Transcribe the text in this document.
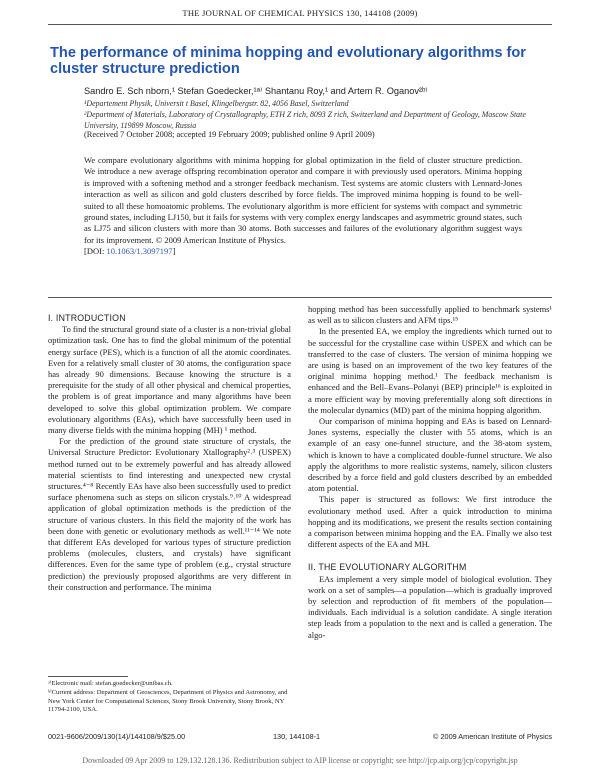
THE JOURNAL OF CHEMICAL PHYSICS 130, 144108 (2009)
The performance of minima hopping and evolutionary algorithms for cluster structure prediction
Sandro E. Sch nborn,¹ Stefan Goedecker,¹ᵃ⁾ Shantanu Roy,¹ and Artem R. Oganov²ᵇ⁾
¹Departement Physik, Universit t Basel, Klingelbergstr. 82, 4056 Basel, Switzerland
²Department of Materials, Laboratory of Crystallography, ETH Z rich, 8093 Z rich, Switzerland and Department of Geology, Moscow State University, 119899 Moscow, Russia
(Received 7 October 2008; accepted 19 February 2009; published online 9 April 2009)
We compare evolutionary algorithms with minima hopping for global optimization in the field of cluster structure prediction. We introduce a new average offspring recombination operator and compare it with previously used operators. Minima hopping is improved with a softening method and a stronger feedback mechanism. Test systems are atomic clusters with Lennard-Jones interaction as well as silicon and gold clusters described by force fields. The improved minima hopping is found to be well-suited to all these homoatomic problems. The evolutionary algorithm is more efficient for systems with compact and symmetric ground states, including LJ150, but it fails for systems with very complex energy landscapes and asymmetric ground states, such as LJ75 and silicon clusters with more than 30 atoms. Both successes and failures of the evolutionary algorithm suggest ways for its improvement. © 2009 American Institute of Physics.
[DOI: 10.1063/1.3097197]

I. INTRODUCTION

To find the structural ground state of a cluster is a non-trivial global optimization task. One has to find the global minimum of the potential energy surface (PES), which is a function of all the atomic coordinates. Even for a relatively small cluster of 30 atoms, the configuration space has already 90 dimensions. Because knowing the structure is a prerequisite for the study of all other physical and chemical properties, the problem is of great importance and many algorithms have been developed to solve this global optimization problem. We compare evolutionary algorithms (EAs), which have successfully been used in many diverse fields with the minima hopping (MH) ¹ method.

For the prediction of the ground state structure of crystals, the Universal Structure Predictor: Evolutionary Xtallography²˒³ (USPEX) method turned out to be extremely powerful and has already allowed material scientists to find interesting and unexpected new crystal structures.⁴⁻⁸ Recently EAs have also been successfully used to predict surface phenomena such as steps on silicon crystals.⁹˒¹⁰ A widespread application of global optimization methods is the prediction of the structure of various clusters. In this field the majority of the work has been done with genetic or evolutionary methods as well.¹¹⁻¹⁴ We note that different EAs developed for various types of structure prediction problems (molecules, clusters, and crystals) have significant differences. Even for the same type of problem (e.g., crystal structure prediction) the previously proposed algorithms are very different in their construction and performance. The minima

hopping method has been successfully applied to benchmark systems¹ as well as to silicon clusters and AFM tips.¹⁵

In the presented EA, we employ the ingredients which turned out to be successful for the crystalline case within USPEX and which can be transferred to the case of clusters. The version of minima hopping we are using is based on an improvement of the two key features of the original minima hopping method.¹ The feedback mechanism is enhanced and the Bell–Evans–Polanyi (BEP) principle¹⁶ is exploited in a more efficient way by moving preferentially along soft directions in the molecular dynamics (MD) part of the minima hopping algorithm.

Our comparison of minima hopping and EAs is based on Lennard-Jones systems, especially the cluster with 55 atoms, which is an example of an easy one-funnel structure, and the 38-atom system, which is known to have a complicated double-funnel structure. We also apply the algorithms to more realistic systems, namely, silicon clusters described by a force field and gold clusters described by an embedded atom potential.

This paper is structured as follows: We first introduce the evolutionary method used. After a quick introduction to minima hopping and its modifications, we present the results section containing a comparison between minima hopping and the EA. Finally we also test different aspects of the EA and MH.

II. THE EVOLUTIONARY ALGORITHM

EAs implement a very simple model of biological evolution. They work on a set of samples—a population—which is gradually improved by selection and reproduction of fit members of the population—individuals. Each individual is a solution candidate. A single iteration step leads from a population to the next and is called a generation. The algo-

ᵃ⁾Electronic mail: stefan.goedecker@unibas.ch.
ᵇ⁾Current address: Department of Geosciences, Department of Physics and Astronomy, and New York Center for Computational Sciences, Stony Brook University, Stony Brook, NY 11794-2100, USA.
0021-9606/2009/130(14)/144108/9/$25.00	130, 144108-1	© 2009 American Institute of Physics
Downloaded 09 Apr 2009 to 129.132.128.136. Redistribution subject to AIP license or copyright; see http://jcp.aip.org/jcp/copyright.jsp
